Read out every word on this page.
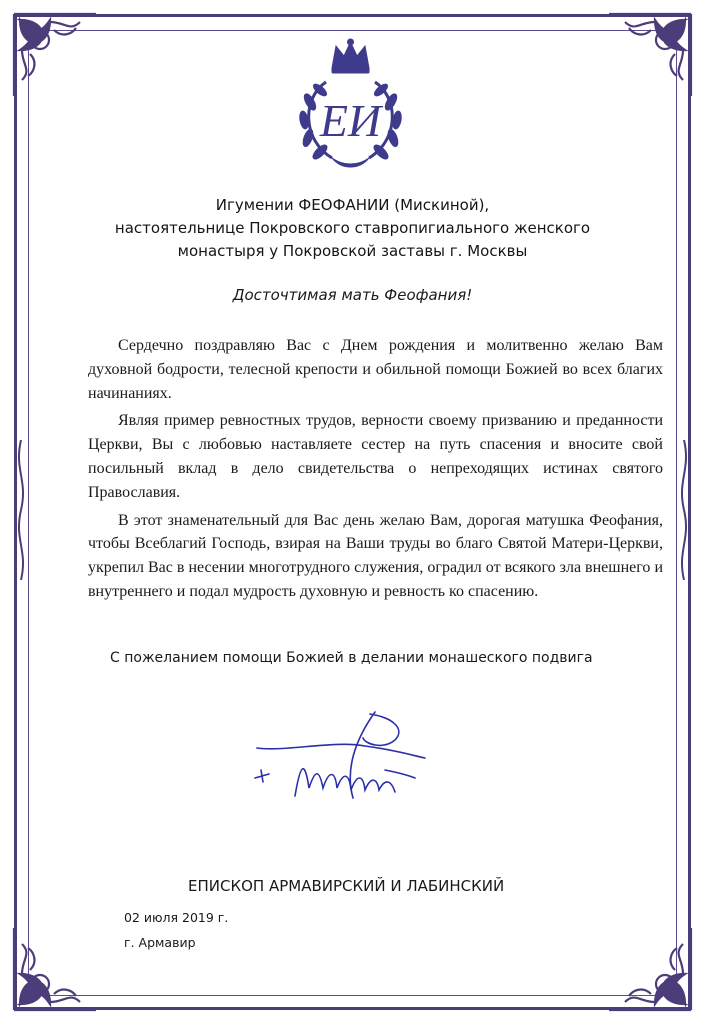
ЕИ
Игумении ФЕОФАНИИ (Мискиной),
настоятельнице Покровского ставропигиального женского
монастыря у Покровской заставы г. Москвы
Досточтимая мать Феофания!

Сердечно поздравляю Вас с Днем рождения и молитвенно желаю Вам духовной бодрости, телесной крепости и обильной помощи Божией во всех благих начинаниях.

Являя пример ревностных трудов, верности своему призванию и преданности Церкви, Вы с любовью наставляете сестер на путь спасения и вносите свой посильный вклад в дело свидетельства о непреходящих истинах святого Православия.

В этот знаменательный для Вас день желаю Вам, дорогая матушка Феофания, чтобы Всеблагий Господь, взирая на Ваши труды во благо Святой Матери-Церкви, укрепил Вас в несении многотрудного служения, оградил от всякого зла внешнего и внутреннего и подал мудрость духовную и ревность ко спасению.

С пожеланием помощи Божией в делании монашеского подвига
ЕПИСКОП АРМАВИРСКИЙ И ЛАБИНСКИЙ
02 июля 2019 г.
г. Армавир
